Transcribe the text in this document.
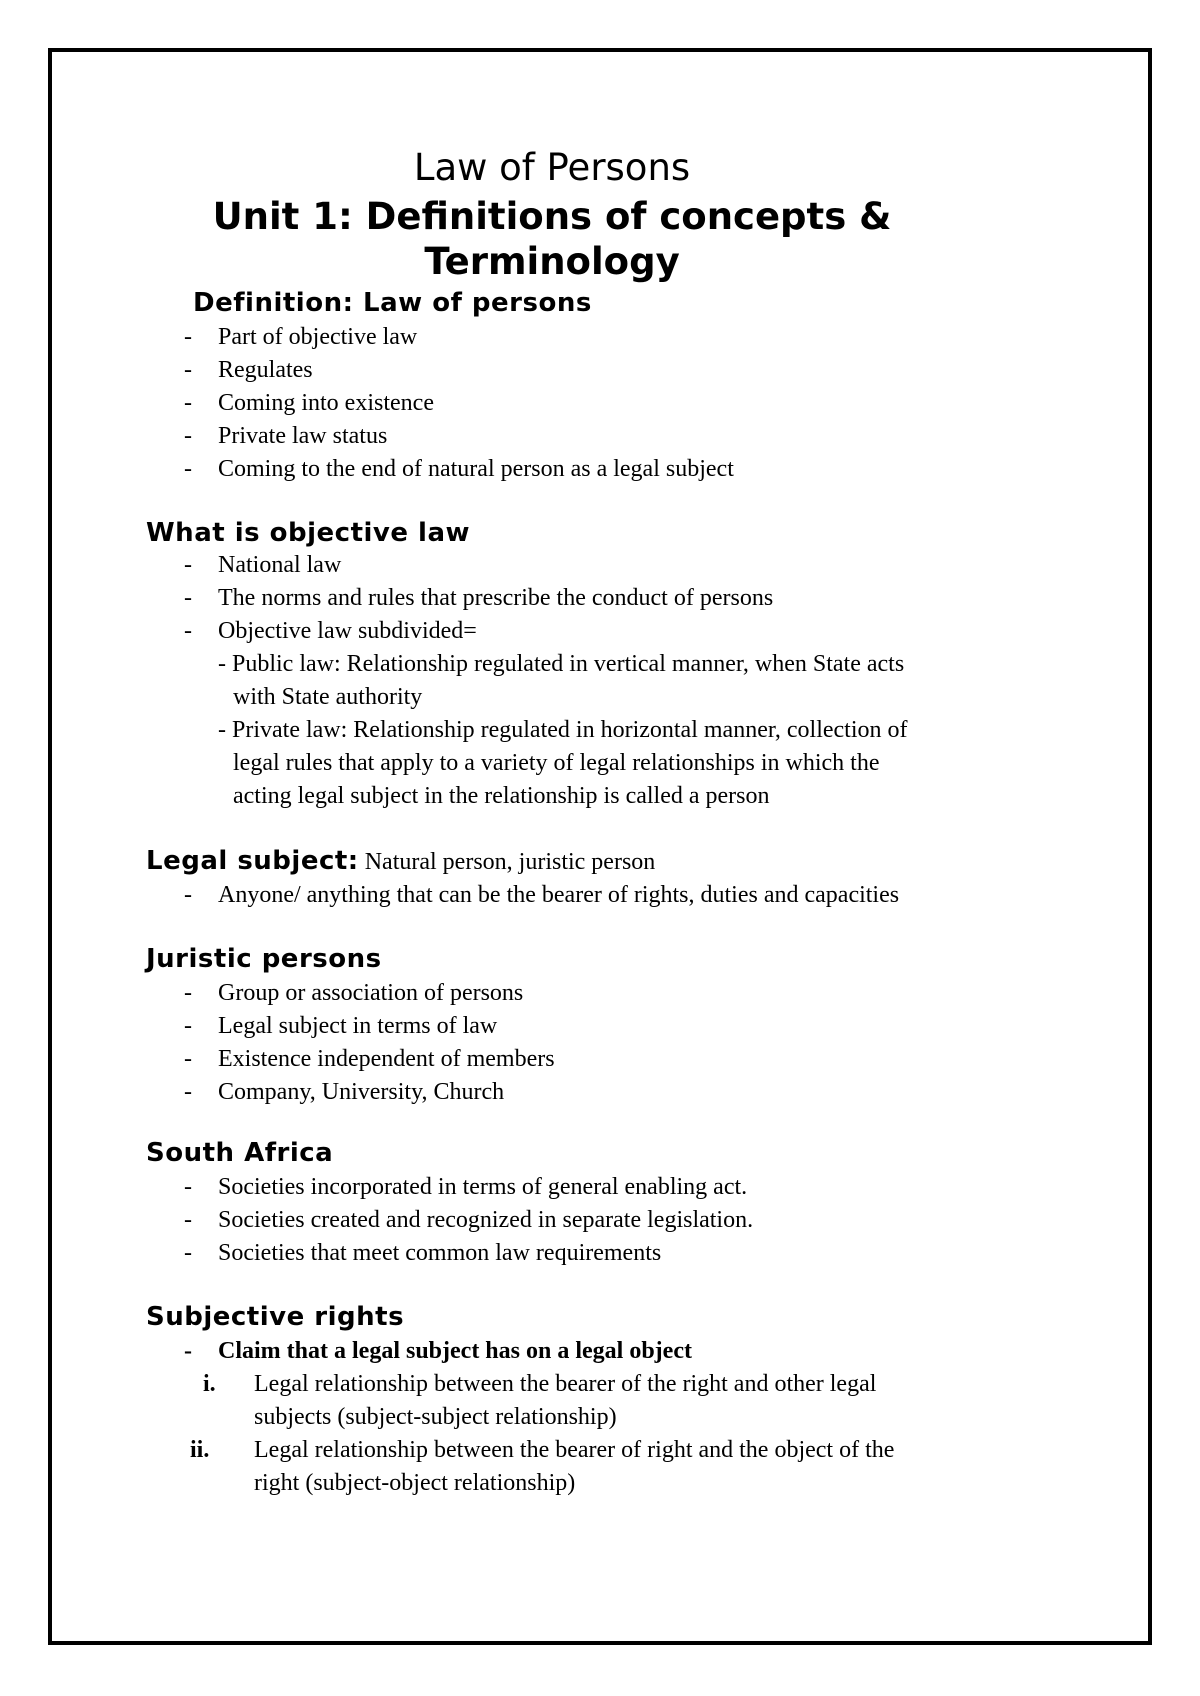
Law of Persons
Unit 1: Definitions of concepts &
Terminology
Definition: Law of persons
- Part of objective law
- Regulates
- Coming into existence
- Private law status
- Coming to the end of natural person as a legal subject
What is objective law
- National law
- The norms and rules that prescribe the conduct of persons
- Objective law subdivided=
- Public law: Relationship regulated in vertical manner, when State acts
with State authority
- Private law: Relationship regulated in horizontal manner, collection of
legal rules that apply to a variety of legal relationships in which the
acting legal subject in the relationship is called a person
Legal subject: Natural person, juristic person
- Anyone/ anything that can be the bearer of rights, duties and capacities
Juristic persons
- Group or association of persons
- Legal subject in terms of law
- Existence independent of members
- Company, University, Church
South Africa
- Societies incorporated in terms of general enabling act.
- Societies created and recognized in separate legislation.
- Societies that meet common law requirements
Subjective rights
- Claim that a legal subject has on a legal object
i. Legal relationship between the bearer of the right and other legal
subjects (subject-subject relationship)
ii. Legal relationship between the bearer of right and the object of the
right (subject-object relationship)
